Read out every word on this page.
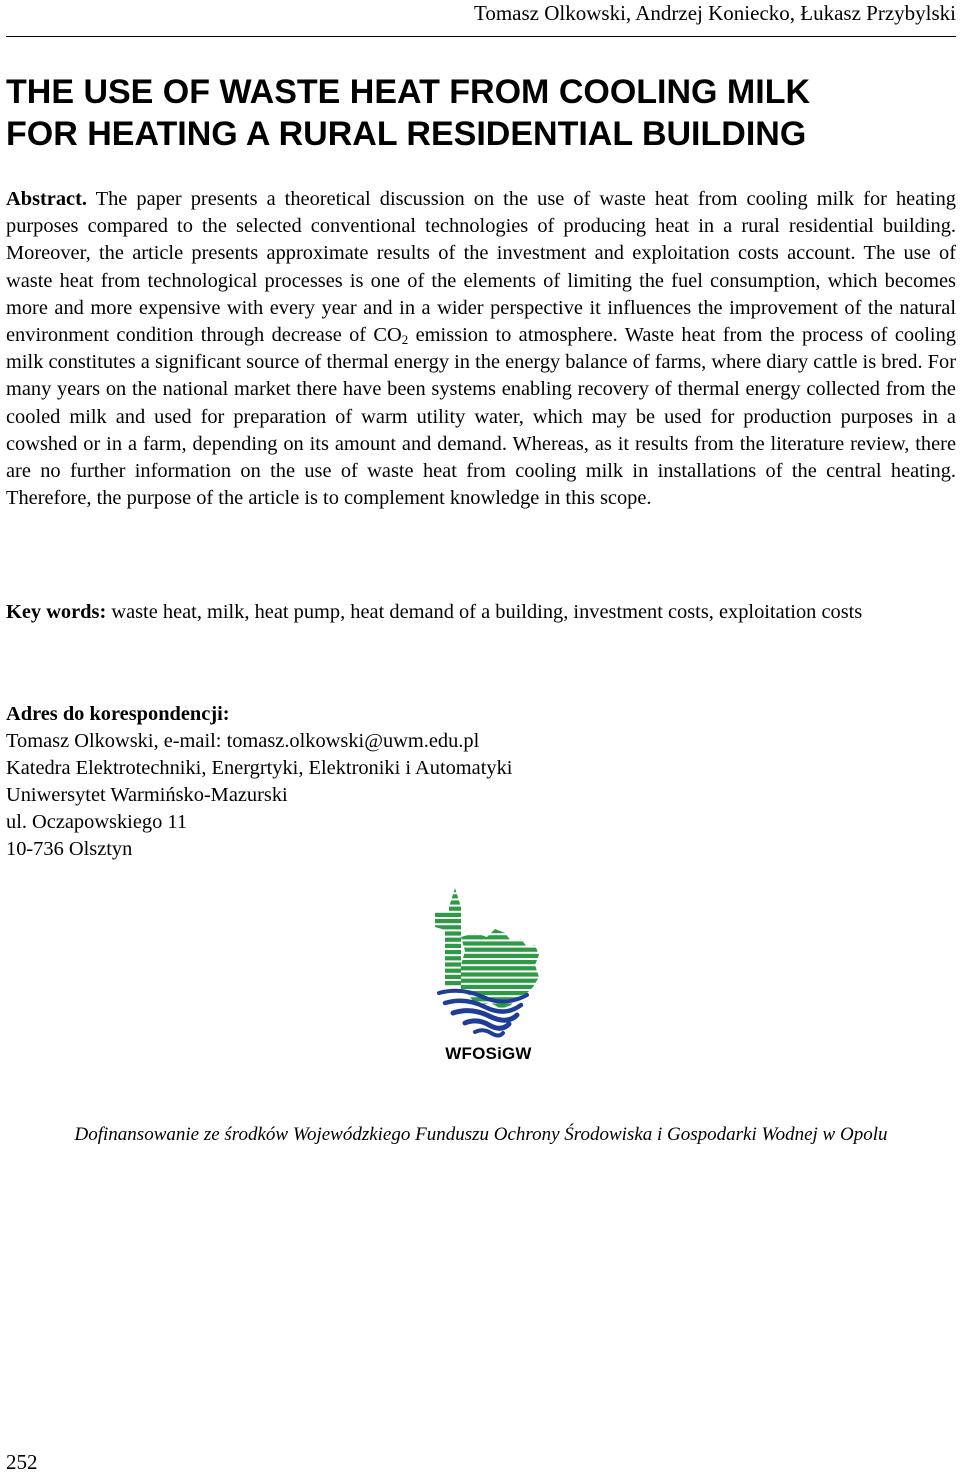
Tomasz Olkowski, Andrzej Koniecko, Łukasz Przybylski
THE USE OF WASTE HEAT FROM COOLING MILK
FOR HEATING A RURAL RESIDENTIAL BUILDING

Abstract. The paper presents a theoretical discussion on the use of waste heat from cooling milk for heating purposes compared to the selected conventional technologies of producing heat in a rural residential building. Moreover, the article presents approximate results of the investment and exploitation costs account. The use of waste heat from technological processes is one of the elements of limiting the fuel consumption, which becomes more and more expensive with every year and in a wider perspective it influences the improvement of the natural environment condition through decrease of $CO_2$ emission to atmosphere. Waste heat from the process of cooling milk constitutes a significant source of thermal energy in the energy balance of farms, where diary cattle is bred. For many years on the national market there have been systems enabling recovery of thermal energy collected from the cooled milk and used for preparation of warm utility water, which may be used for production purposes in a cowshed or in a farm, depending on its amount and demand. Whereas, as it results from the literature review, there are no further information on the use of waste heat from cooling milk in installations of the central heating. Therefore, the purpose of the article is to complement knowledge in this scope.

Key words: waste heat, milk, heat pump, heat demand of a building, investment costs, exploitation costs

Adres do korespondencji:
Tomasz Olkowski, e-mail: tomasz.olkowski@uwm.edu.pl
Katedra Elektrotechniki, Energrtyki, Elektroniki i Automatyki
Uniwersytet Warmińsko-Mazurski
ul. Oczapowskiego 11
10-736 Olsztyn
WFOSiGW
Dofinansowanie ze środków Wojewódzkiego Funduszu Ochrony Środowiska i Gospodarki Wodnej w Opolu
252
